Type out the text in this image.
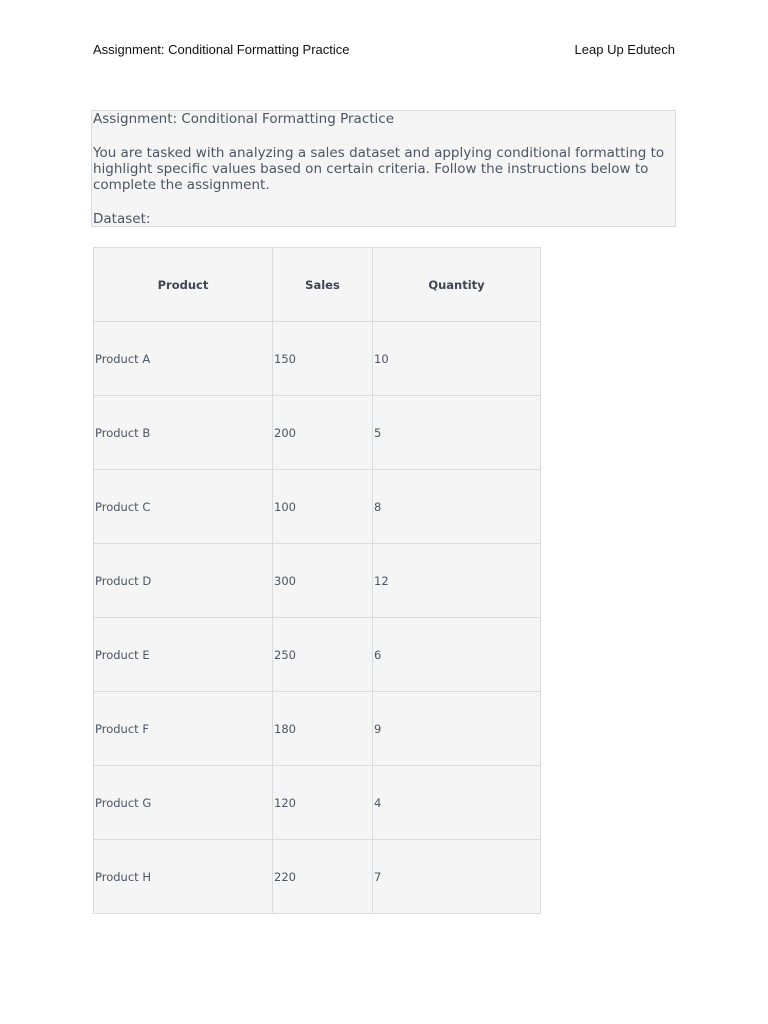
Assignment: Conditional Formatting Practice	Leap Up Edutech
Assignment: Conditional Formatting Practice
You are tasked with analyzing a sales dataset and applying conditional formatting to highlight specific values based on certain criteria. Follow the instructions below to complete the assignment.
Dataset:
Product	Sales	Quantity
Product A	150	10
Product B	200	5
Product C	100	8
Product D	300	12
Product E	250	6
Product F	180	9
Product G	120	4
Product H	220	7
